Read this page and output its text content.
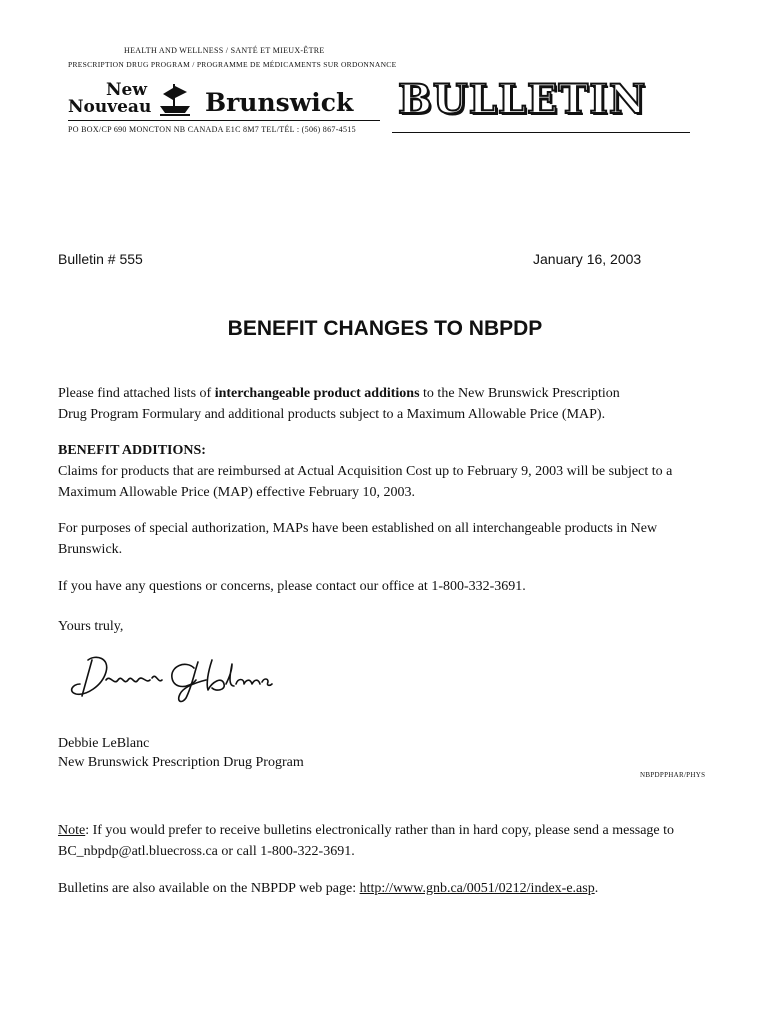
HEALTH AND WELLNESS / SANTÉ ET MIEUX-ÊTRE
PRESCRIPTION DRUG PROGRAM / PROGRAMME DE MÉDICAMENTS SUR ORDONNANCE
New
Nouveau Brunswick BULLETIN
PO BOX/CP 690 MONCTON NB CANADA E1C 8M7 TEL/TÉL : (506) 867-4515
Bulletin # 555	January 16, 2003
BENEFIT CHANGES TO NBPDP
Please find attached lists of interchangeable product additions to the New Brunswick Prescription
Drug Program Formulary and additional products subject to a Maximum Allowable Price (MAP).
BENEFIT ADDITIONS:
Claims for products that are reimbursed at Actual Acquisition Cost up to February 9, 2003 will be subject to a
Maximum Allowable Price (MAP) effective February 10, 2003.
For purposes of special authorization, MAPs have been established on all interchangeable products in New
Brunswick.
If you have any questions or concerns, please contact our office at 1-800-332-3691.
Yours truly,
Debbie LeBlanc
New Brunswick Prescription Drug Program
NBPDPPHAR/PHYS
Note: If you would prefer to receive bulletins electronically rather than in hard copy, please send a message to
BC_nbpdp@atl.bluecross.ca or call 1-800-322-3691.
Bulletins are also available on the NBPDP web page: http://www.gnb.ca/0051/0212/index-e.asp.
